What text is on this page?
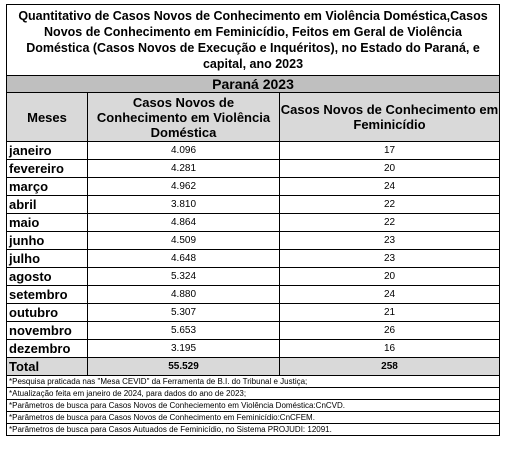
Quantitativo de Casos Novos de Conhecimento em Violência Doméstica,Casos Novos de Conhecimento em Feminicídio, Feitos em Geral de Violência Doméstica (Casos Novos de Execução e Inquéritos), no Estado do Paraná, e capital, ano 2023		
Paraná 2023		
Meses	Casos Novos de Conhecimento em Violência Doméstica	Casos Novos de Conhecimento em Feminicídio
janeiro	4.096	17
fevereiro	4.281	20
março	4.962	24
abril	3.810	22
maio	4.864	22
junho	4.509	23
julho	4.648	23
agosto	5.324	20
setembro	4.880	24
outubro	5.307	21
novembro	5.653	26
dezembro	3.195	16
Total	55.529	258
*Pesquisa praticada nas "Mesa CEVID" da Ferramenta de B.I. do Tribunal e Justiça;		
*Atualização feita em janeiro de 2024, para dados do ano de 2023;		
*Parâmetros de busca para Casos Novos de Conheciemento em Violência Doméstica:CnCVD.		
*Parâmetros de busca para Casos Novos de Conhecimento em Feminicídio:CnCFEM.		
*Parâmetros de busca para Casos Autuados de Feminicídio, no Sistema PROJUDI: 12091.		
